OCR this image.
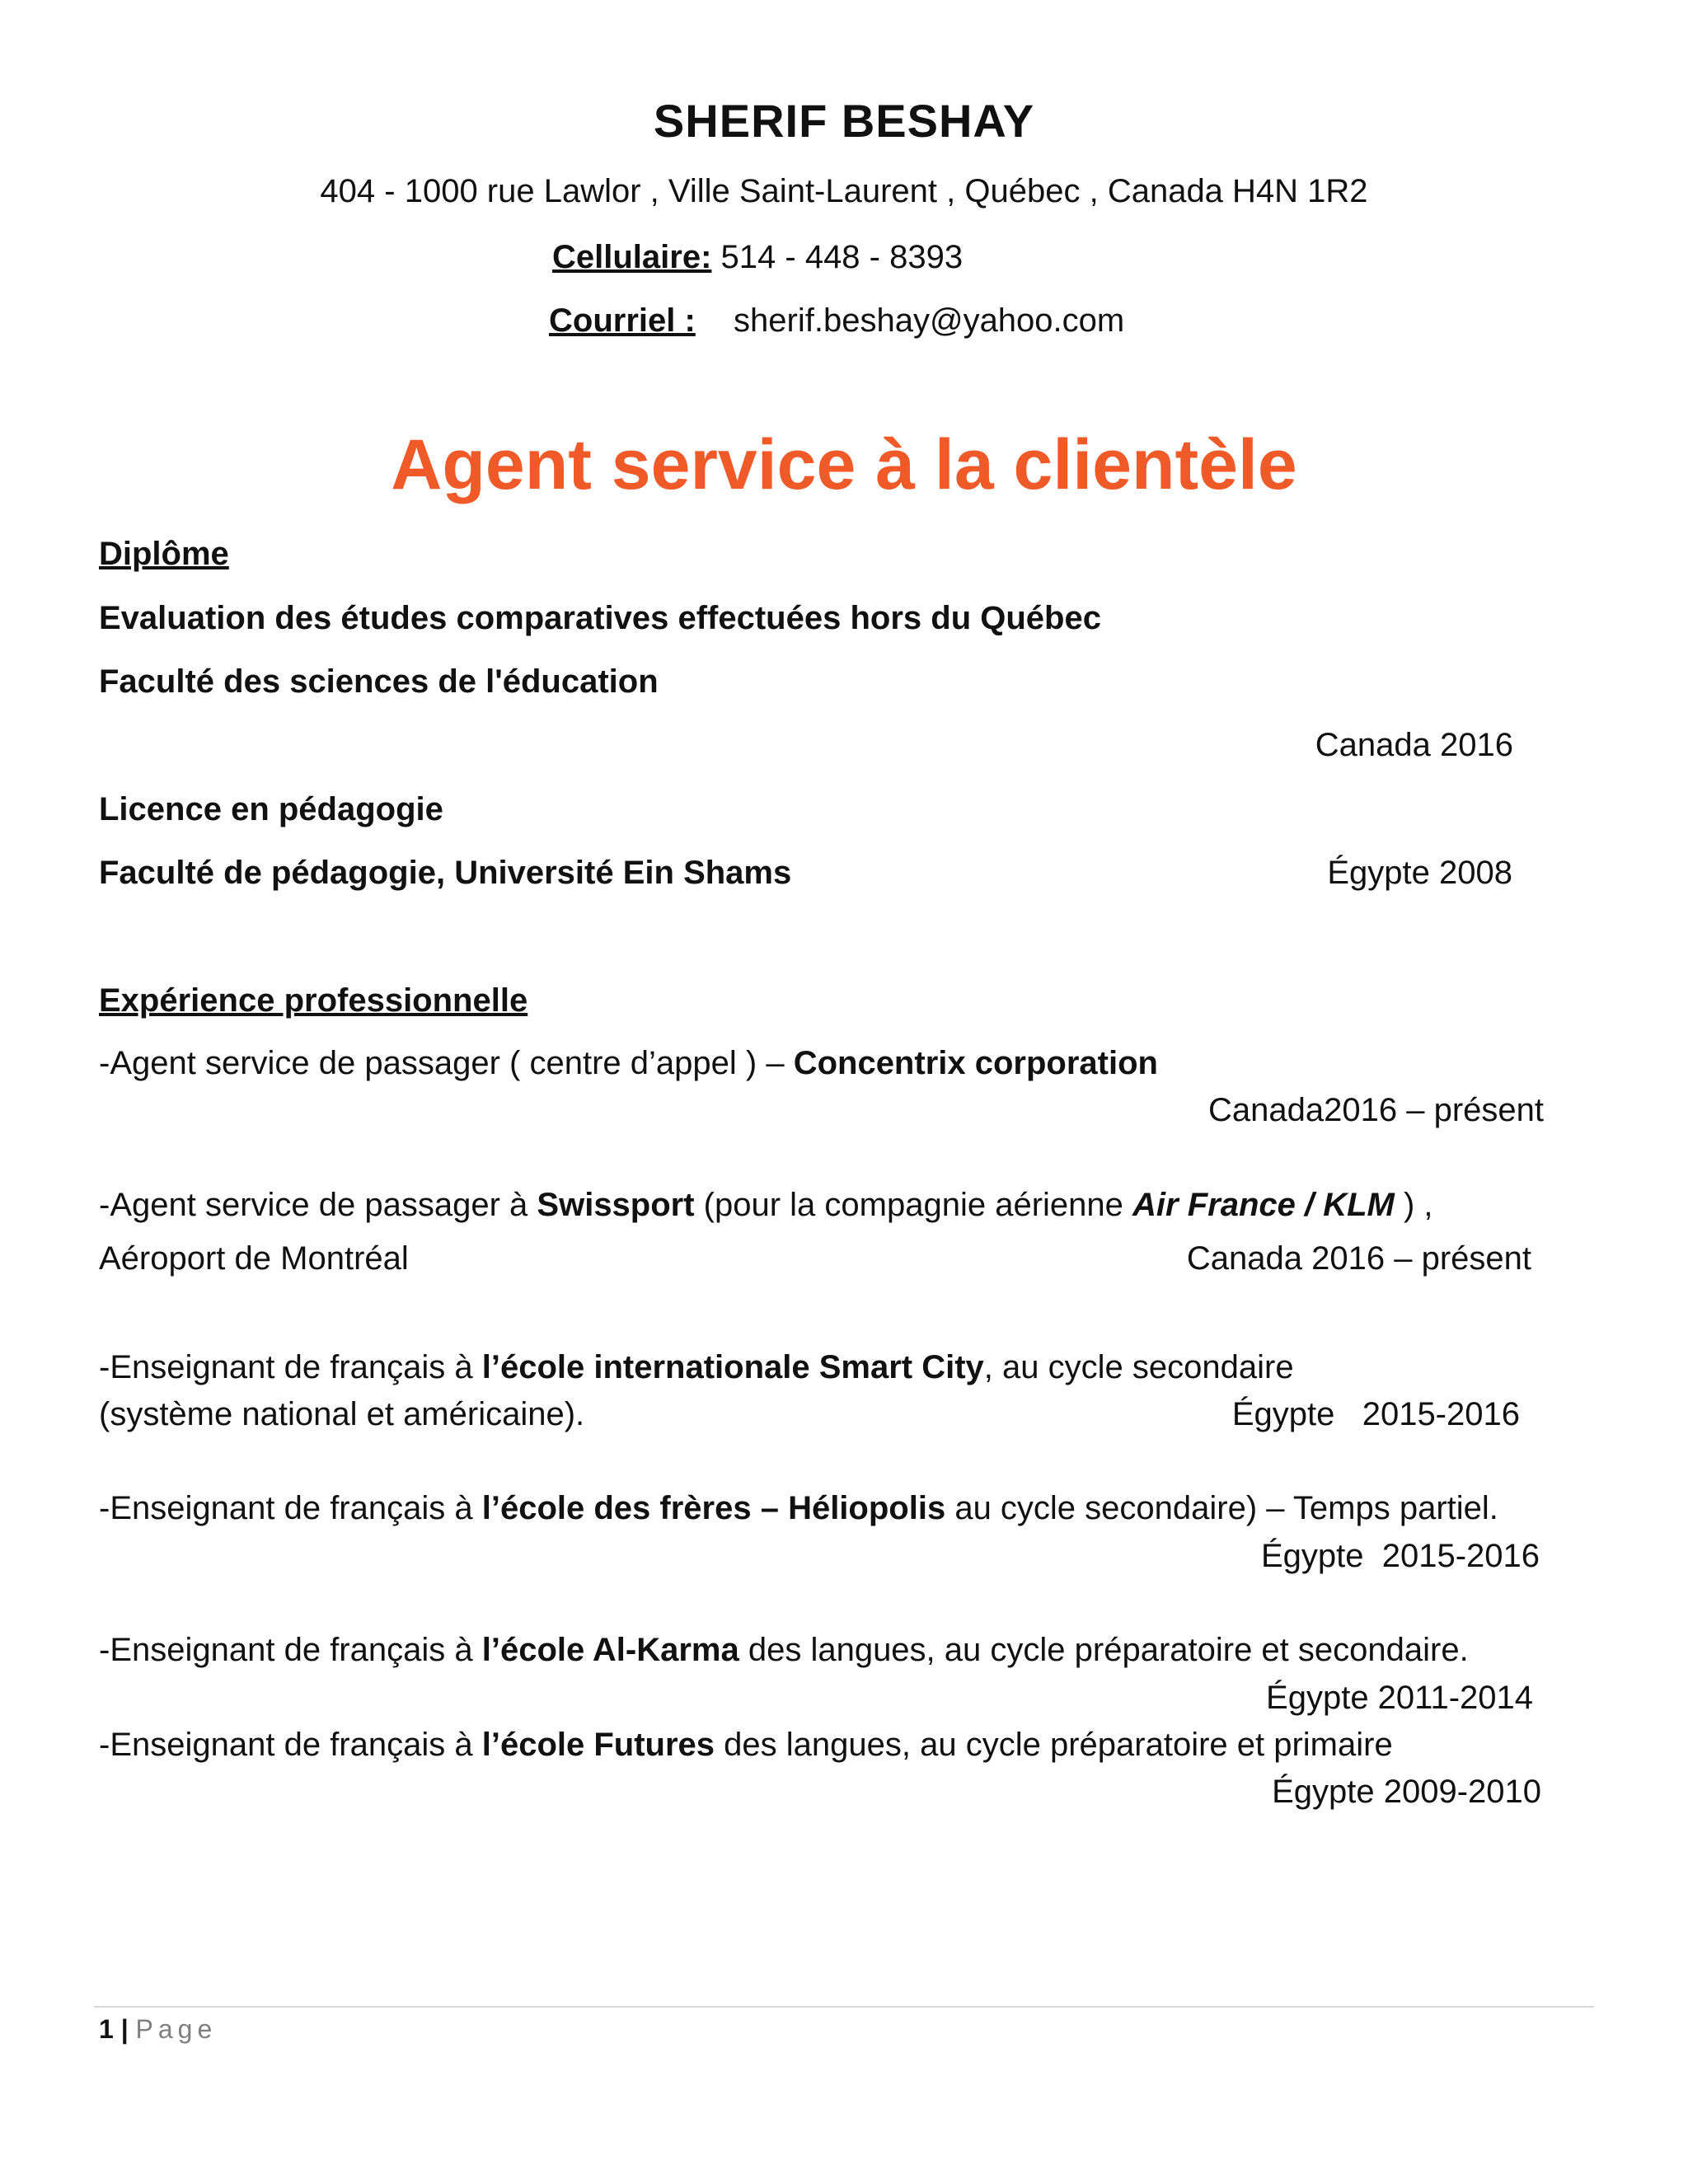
SHERIF BESHAY
404 - 1000 rue Lawlor , Ville Saint-Laurent , Québec , Canada H4N 1R2
Cellulaire: 514 - 448 - 8393
Courriel : sherif.beshay@yahoo.com
Agent service à la clientèle
Diplôme
Evaluation des études comparatives effectuées hors du Québec
Faculté des sciences de l'éducation
Canada 2016
Licence en pédagogie
Faculté de pédagogie, Université Ein Shams	Égypte 2008
Expérience professionnelle
-Agent service de passager ( centre d’appel ) – Concentrix corporation
Canada2016 – présent
-Agent service de passager à Swissport (pour la compagnie aérienne Air France / KLM ) ,
Aéroport de Montréal	Canada 2016 – présent
-Enseignant de français à l’école internationale Smart City, au cycle secondaire
(système national et américaine).	Égypte   2015-2016
-Enseignant de français à l’école des frères – Héliopolis au cycle secondaire) – Temps partiel.
Égypte  2015-2016
-Enseignant de français à l’école Al-Karma des langues, au cycle préparatoire et secondaire.
Égypte 2011-2014
-Enseignant de français à l’école Futures des langues, au cycle préparatoire et primaire
Égypte 2009-2010
1 | Page
